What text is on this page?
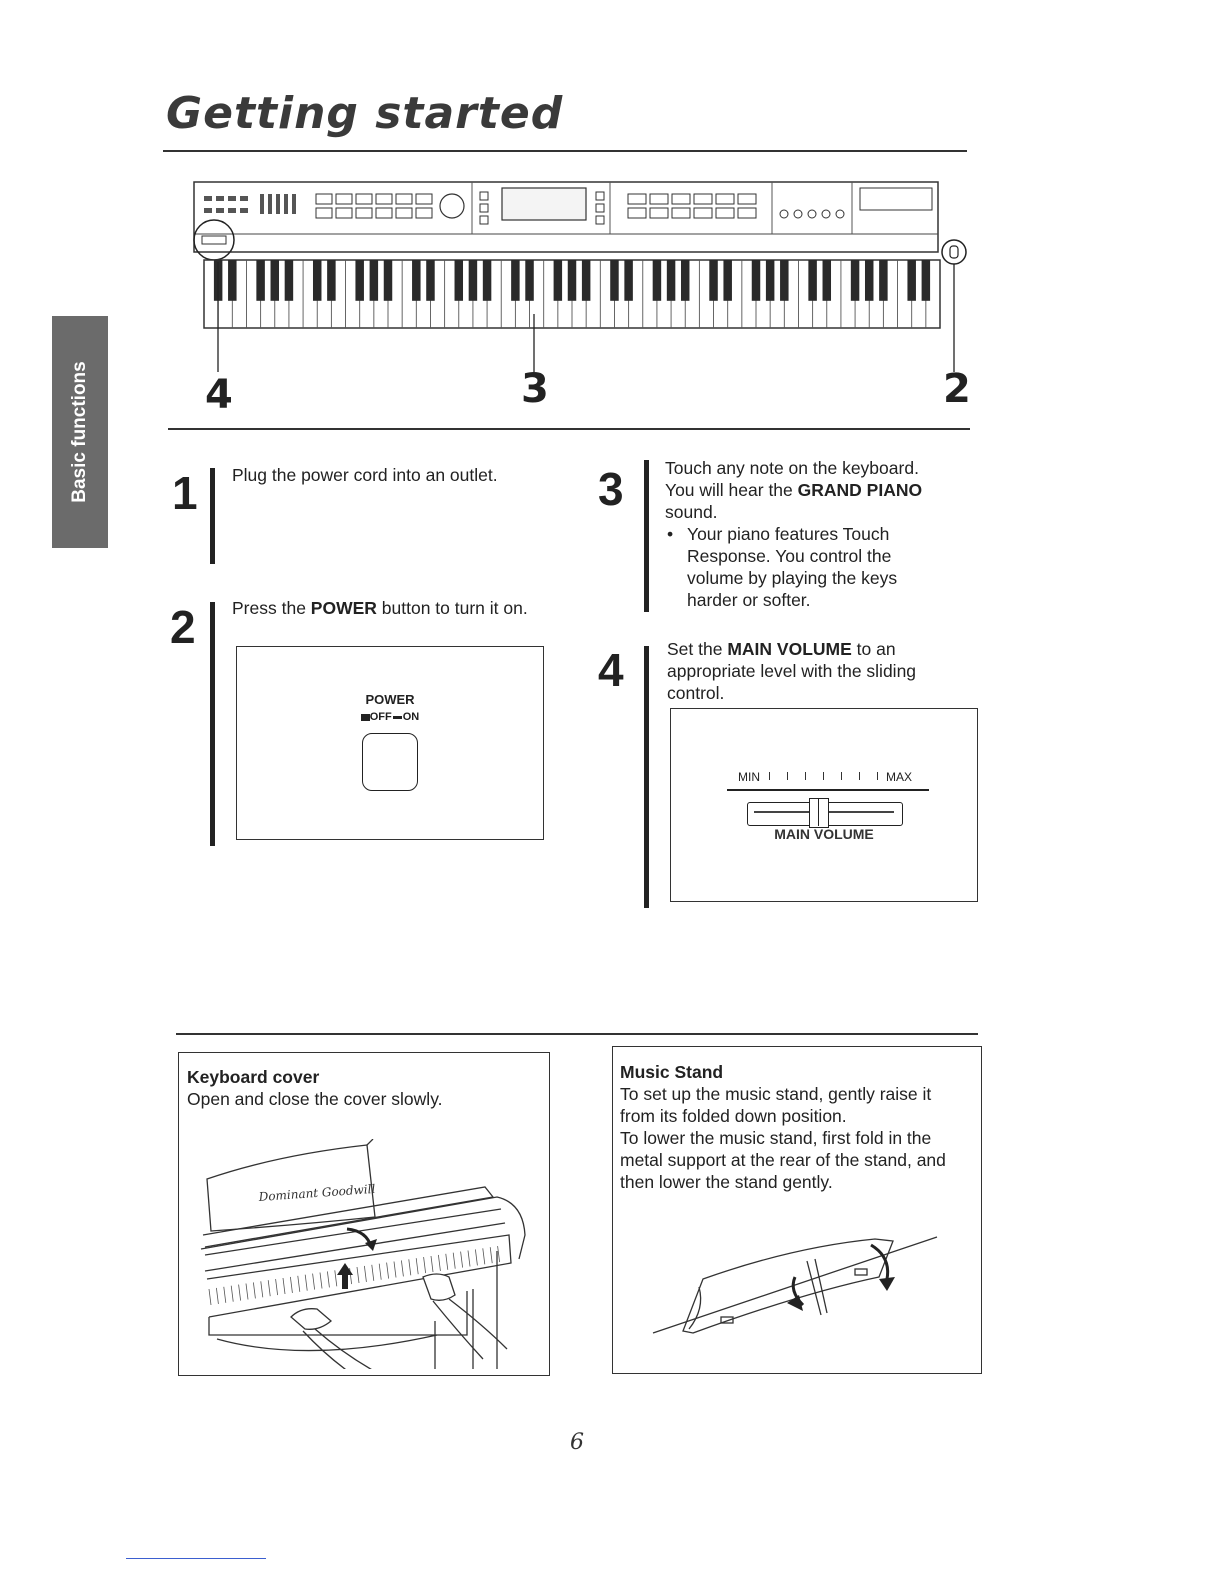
Getting started
Basic functions	4	3	2
1 Plug the power cord into an outlet.
2 Press the POWER button to turn it on.
POWER
OFF ON
3 Touch any note on the keyboard.
You will hear the GRAND PIANO sound.
• Your piano features Touch Response. You control the volume by playing the keys harder or softer.
4 Set the MAIN VOLUME to an appropriate level with the sliding control.
MIN	MAX
MAIN VOLUME
Keyboard cover
Open and close the cover slowly.
Dominant Goodwill
Music Stand
To set up the music stand, gently raise it from its folded down position.
To lower the music stand, first fold in the metal support at the rear of the stand, and then lower the stand gently.
6
